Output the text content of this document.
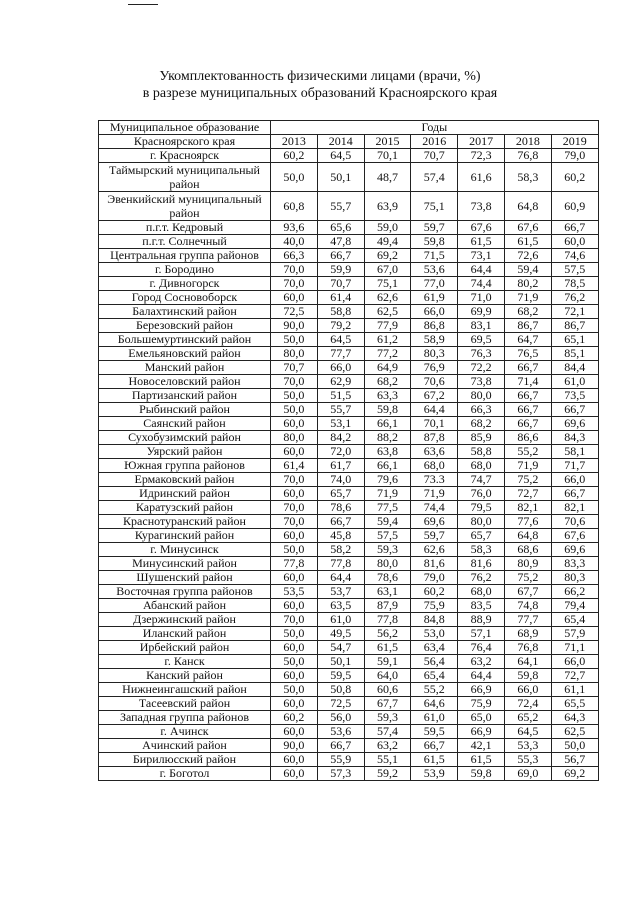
Укомплектованность физическими лицами (врачи, %)
в разрезе муниципальных образований Красноярского края
Муниципальное образование	Годы						
Красноярского края	2013	2014	2015	2016	2017	2018	2019
г. Красноярск	60,2	64,5	70,1	70,7	72,3	76,8	79,0
Таймырский муниципальный район	50,0	50,1	48,7	57,4	61,6	58,3	60,2
Эвенкийский муниципальный район	60,8	55,7	63,9	75,1	73,8	64,8	60,9
п.г.т. Кедровый	93,6	65,6	59,0	59,7	67,6	67,6	66,7
п.г.т. Солнечный	40,0	47,8	49,4	59,8	61,5	61,5	60,0
Центральная группа районов	66,3	66,7	69,2	71,5	73,1	72,6	74,6
г. Бородино	70,0	59,9	67,0	53,6	64,4	59,4	57,5
г. Дивногорск	70,0	70,7	75,1	77,0	74,4	80,2	78,5
Город Сосновоборск	60,0	61,4	62,6	61,9	71,0	71,9	76,2
Балахтинский район	72,5	58,8	62,5	66,0	69,9	68,2	72,1
Березовский район	90,0	79,2	77,9	86,8	83,1	86,7	86,7
Большемуртинский район	50,0	64,5	61,2	58,9	69,5	64,7	65,1
Емельяновский район	80,0	77,7	77,2	80,3	76,3	76,5	85,1
Манский район	70,7	66,0	64,9	76,9	72,2	66,7	84,4
Новоселовский район	70,0	62,9	68,2	70,6	73,8	71,4	61,0
Партизанский район	50,0	51,5	63,3	67,2	80,0	66,7	73,5
Рыбинский район	50,0	55,7	59,8	64,4	66,3	66,7	66,7
Саянский район	60,0	53,1	66,1	70,1	68,2	66,7	69,6
Сухобузимский район	80,0	84,2	88,2	87,8	85,9	86,6	84,3
Уярский район	60,0	72,0	63,8	63,6	58,8	55,2	58,1
Южная группа районов	61,4	61,7	66,1	68,0	68,0	71,9	71,7
Ермаковский район	70,0	74,0	79,6	73.3	74,7	75,2	66,0
Идринский район	60,0	65,7	71,9	71,9	76,0	72,7	66,7
Каратузский район	70,0	78,6	77,5	74,4	79,5	82,1	82,1
Краснотуранский район	70,0	66,7	59,4	69,6	80,0	77,6	70,6
Курагинский район	60,0	45,8	57,5	59,7	65,7	64,8	67,6
г. Минусинск	50,0	58,2	59,3	62,6	58,3	68,6	69,6
Минусинский район	77,8	77,8	80,0	81,6	81,6	80,9	83,3
Шушенский район	60,0	64,4	78,6	79,0	76,2	75,2	80,3
Восточная группа районов	53,5	53,7	63,1	60,2	68,0	67,7	66,2
Абанский район	60,0	63,5	87,9	75,9	83,5	74,8	79,4
Дзержинский район	70,0	61,0	77,8	84,8	88,9	77,7	65,4
Иланский район	50,0	49,5	56,2	53,0	57,1	68,9	57,9
Ирбейский район	60,0	54,7	61,5	63,4	76,4	76,8	71,1
г. Канск	50,0	50,1	59,1	56,4	63,2	64,1	66,0
Канский район	60,0	59,5	64,0	65,4	64,4	59,8	72,7
Нижнеингашский район	50,0	50,8	60,6	55,2	66,9	66,0	61,1
Тасеевский район	60,0	72,5	67,7	64,6	75,9	72,4	65,5
Западная группа районов	60,2	56,0	59,3	61,0	65,0	65,2	64,3
г. Ачинск	60,0	53,6	57,4	59,5	66,9	64,5	62,5
Ачинский район	90,0	66,7	63,2	66,7	42,1	53,3	50,0
Бирилюсский район	60,0	55,9	55,1	61,5	61,5	55,3	56,7
г. Боготол	60,0	57,3	59,2	53,9	59,8	69,0	69,2
